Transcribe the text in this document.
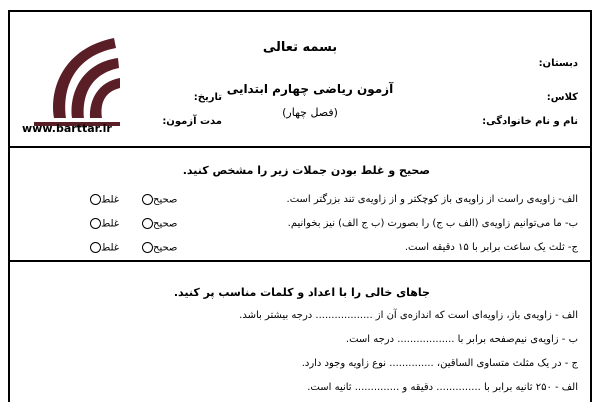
www.barttar.ir
بسمه تعالی
آزمون ریاضی چهارم ابتدایی
(فصل چهار)
دبستان:
کلاس:
نام و نام خانوادگی:
تاریخ:
مدت آزمون:
صحیح و غلط بودن جملات زیر را مشخص کنید.
الف- زاویه‌ی راست از زاویه‌ی باز کوچکتر و از زاویه‌ی تند بزرگتر است.
صحیح
غلط
ب- ما می‌توانیم زاویه‌ی (الف ب ج) را بصورت (ب ج الف) نیز بخوانیم.
صحیح
غلط
ج- ثلث یک ساعت برابر با ۱۵ دقیقه است.
صحیح
غلط
جاهای خالی را با اعداد و کلمات مناسب پر کنید.
الف - زاویه‌ی باز، زاویه‌ای است که اندازه‌ی آن از .................. درجه بیشتر باشد.
ب - زاویه‌ی نیم‌صفحه برابر با .................. درجه است.
ج - در یک مثلث متساوی الساقین، .............. نوع زاویه وجود دارد.
الف - ۲۵۰ ثانیه برابر با .............. دقیقه و .............. ثانیه است.
